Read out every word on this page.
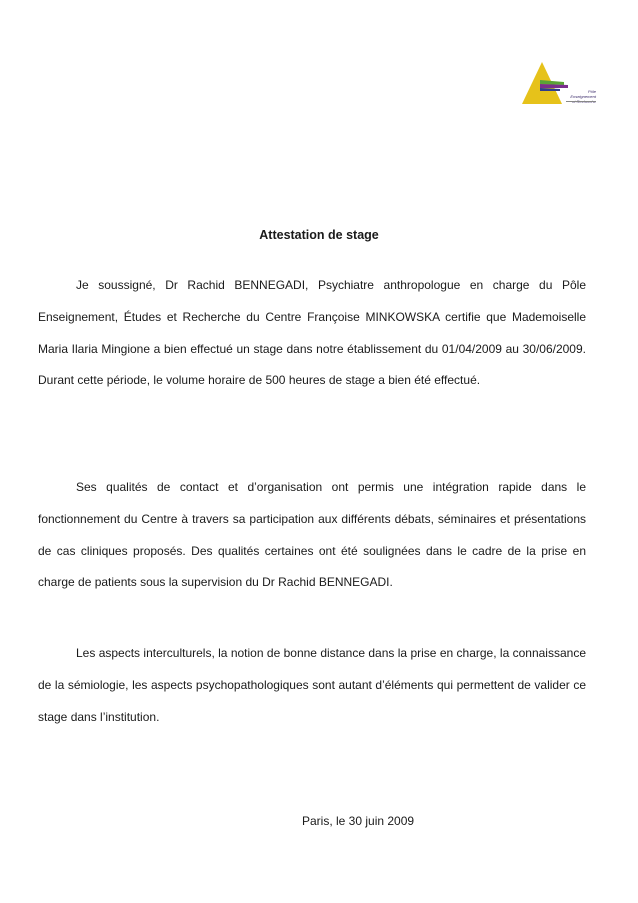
Pôle Enseignement
Attestation de stage

Je soussigné, Dr Rachid BENNEGADI, Psychiatre anthropologue en charge du Pôle Enseignement, Études et Recherche du Centre Françoise MINKOWSKA certifie que Mademoiselle Maria Ilaria Mingione a bien effectué un stage dans notre établissement du 01/04/2009 au 30/06/2009. Durant cette période, le volume horaire de 500 heures de stage a bien été effectué.

Ses qualités de contact et d’organisation ont permis une intégration rapide dans le fonctionnement du Centre à travers sa participation aux différents débats, séminaires et présentations de cas cliniques proposés. Des qualités certaines ont été soulignées dans le cadre de la prise en charge de patients sous la supervision du Dr Rachid BENNEGADI.

Les aspects interculturels, la notion de bonne distance dans la prise en charge, la connaissance de la sémiologie, les aspects psychopathologiques sont autant d’éléments qui permettent de valider ce stage dans l’institution.

Paris, le 30 juin 2009
